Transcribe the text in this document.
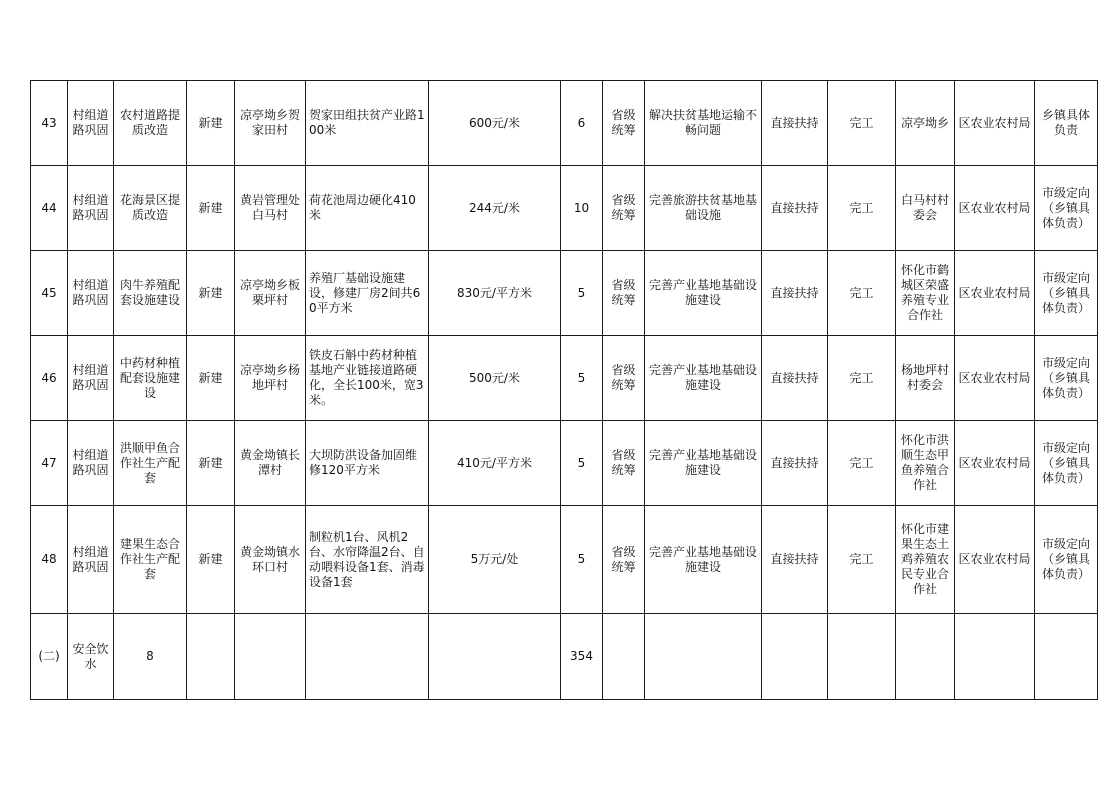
43	村组道路巩固	农村道路提质改造	新建	凉亭坳乡贺家田村	贺家田组扶贫产业路100米	600元/米	6	省级统筹	解决扶贫基地运输不畅问题	直接扶持	完工	凉亭坳乡	区农业农村局	乡镇具体负责
44	村组道路巩固	花海景区提质改造	新建	黄岩管理处白马村	荷花池周边硬化410米	244元/米	10	省级统筹	完善旅游扶贫基地基础设施	直接扶持	完工	白马村村委会	区农业农村局	市级定向（乡镇具体负责）
45	村组道路巩固	肉牛养殖配套设施建设	新建	凉亭坳乡板栗坪村	养殖厂基础设施建设，修建厂房2间共60平方米	830元/平方米	5	省级统筹	完善产业基地基础设施建设	直接扶持	完工	怀化市鹤城区荣盛养殖专业合作社	区农业农村局	市级定向（乡镇具体负责）
46	村组道路巩固	中药材种植配套设施建设	新建	凉亭坳乡杨地坪村	铁皮石斛中药材种植基地产业链接道路硬化，全长100米，宽3米。	500元/米	5	省级统筹	完善产业基地基础设施建设	直接扶持	完工	杨地坪村村委会	区农业农村局	市级定向（乡镇具体负责）
47	村组道路巩固	洪顺甲鱼合作社生产配套	新建	黄金坳镇长潭村	大坝防洪设备加固维修120平方米	410元/平方米	5	省级统筹	完善产业基地基础设施建设	直接扶持	完工	怀化市洪顺生态甲鱼养殖合作社	区农业农村局	市级定向（乡镇具体负责）
48	村组道路巩固	建果生态合作社生产配套	新建	黄金坳镇水环口村	制粒机1台、风机2台、水帘降温2台、自动喂料设备1套、消毒设备1套	5万元/处	5	省级统筹	完善产业基地基础设施建设	直接扶持	完工	怀化市建果生态土鸡养殖农民专业合作社	区农业农村局	市级定向（乡镇具体负责）
(二)	安全饮水	8					354							
